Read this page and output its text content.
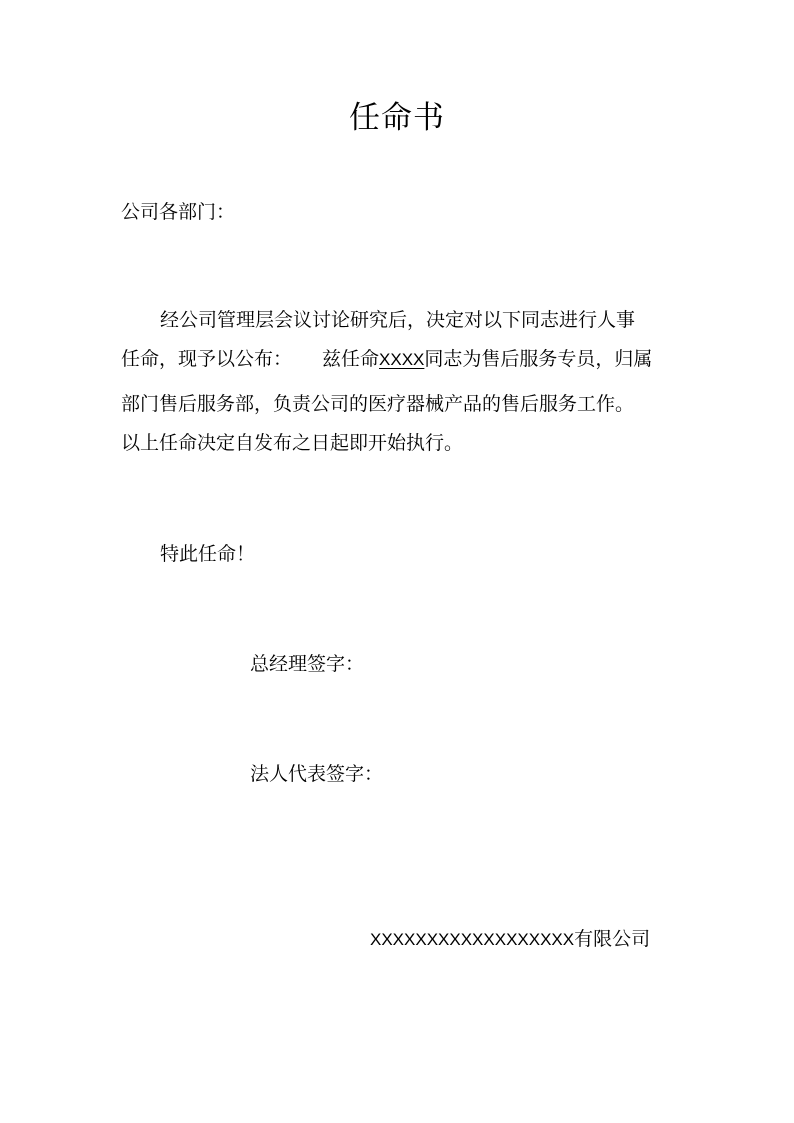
任命书
公司各部门：
经公司管理层会议讨论研究后，决定对以下同志进行人事
任命，现予以公布： 兹任命XXXX同志为售后服务专员，归属
部门售后服务部，负责公司的医疗器械产品的售后服务工作。
以上任命决定自发布之日起即开始执行。
特此任命！
总经理签字：
法人代表签字：
XXXXXXXXXXXXXXXXXX有限公司
